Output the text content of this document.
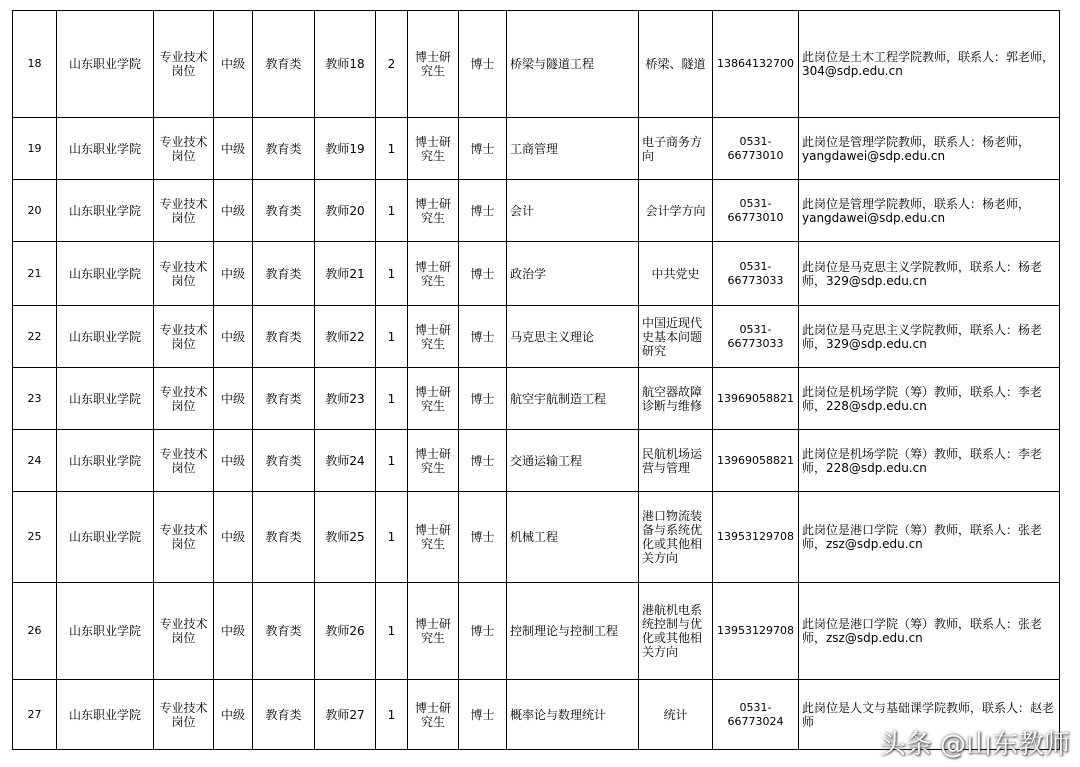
18	山东职业学院	专业技术岗位	中级	教育类	教师18	2	博士研究生	博士	桥梁与隧道工程	桥梁、隧道	13864132700	此岗位是土木工程学院教师，联系人：郭老师，304@sdp.edu.cn
19	山东职业学院	专业技术岗位	中级	教育类	教师19	1	博士研究生	博士	工商管理	电子商务方向	0531-66773010	此岗位是管理学院教师，联系人：杨老师，yangdawei@sdp.edu.cn
20	山东职业学院	专业技术岗位	中级	教育类	教师20	1	博士研究生	博士	会计	会计学方向	0531-66773010	此岗位是管理学院教师，联系人：杨老师，yangdawei@sdp.edu.cn
21	山东职业学院	专业技术岗位	中级	教育类	教师21	1	博士研究生	博士	政治学	中共党史	0531-66773033	此岗位是马克思主义学院教师，联系人：杨老师，329@sdp.edu.cn
22	山东职业学院	专业技术岗位	中级	教育类	教师22	1	博士研究生	博士	马克思主义理论	中国近现代史基本问题研究	0531-66773033	此岗位是马克思主义学院教师，联系人：杨老师，329@sdp.edu.cn
23	山东职业学院	专业技术岗位	中级	教育类	教师23	1	博士研究生	博士	航空宇航制造工程	航空器故障诊断与维修	13969058821	此岗位是机场学院（筹）教师，联系人：李老师，228@sdp.edu.cn
24	山东职业学院	专业技术岗位	中级	教育类	教师24	1	博士研究生	博士	交通运输工程	民航机场运营与管理	13969058821	此岗位是机场学院（筹）教师，联系人：李老师，228@sdp.edu.cn
25	山东职业学院	专业技术岗位	中级	教育类	教师25	1	博士研究生	博士	机械工程	港口物流装备与系统优化或其他相关方向	13953129708	此岗位是港口学院（筹）教师，联系人：张老师，zsz@sdp.edu.cn
26	山东职业学院	专业技术岗位	中级	教育类	教师26	1	博士研究生	博士	控制理论与控制工程	港航机电系统控制与优化或其他相关方向	13953129708	此岗位是港口学院（筹）教师，联系人：张老师，zsz@sdp.edu.cn
27	山东职业学院	专业技术岗位	中级	教育类	教师27	1	博士研究生	博士	概率论与数理统计	统计	0531-66773024	此岗位是人文与基础课学院教师，联系人：赵老师
头条 @山东教师
